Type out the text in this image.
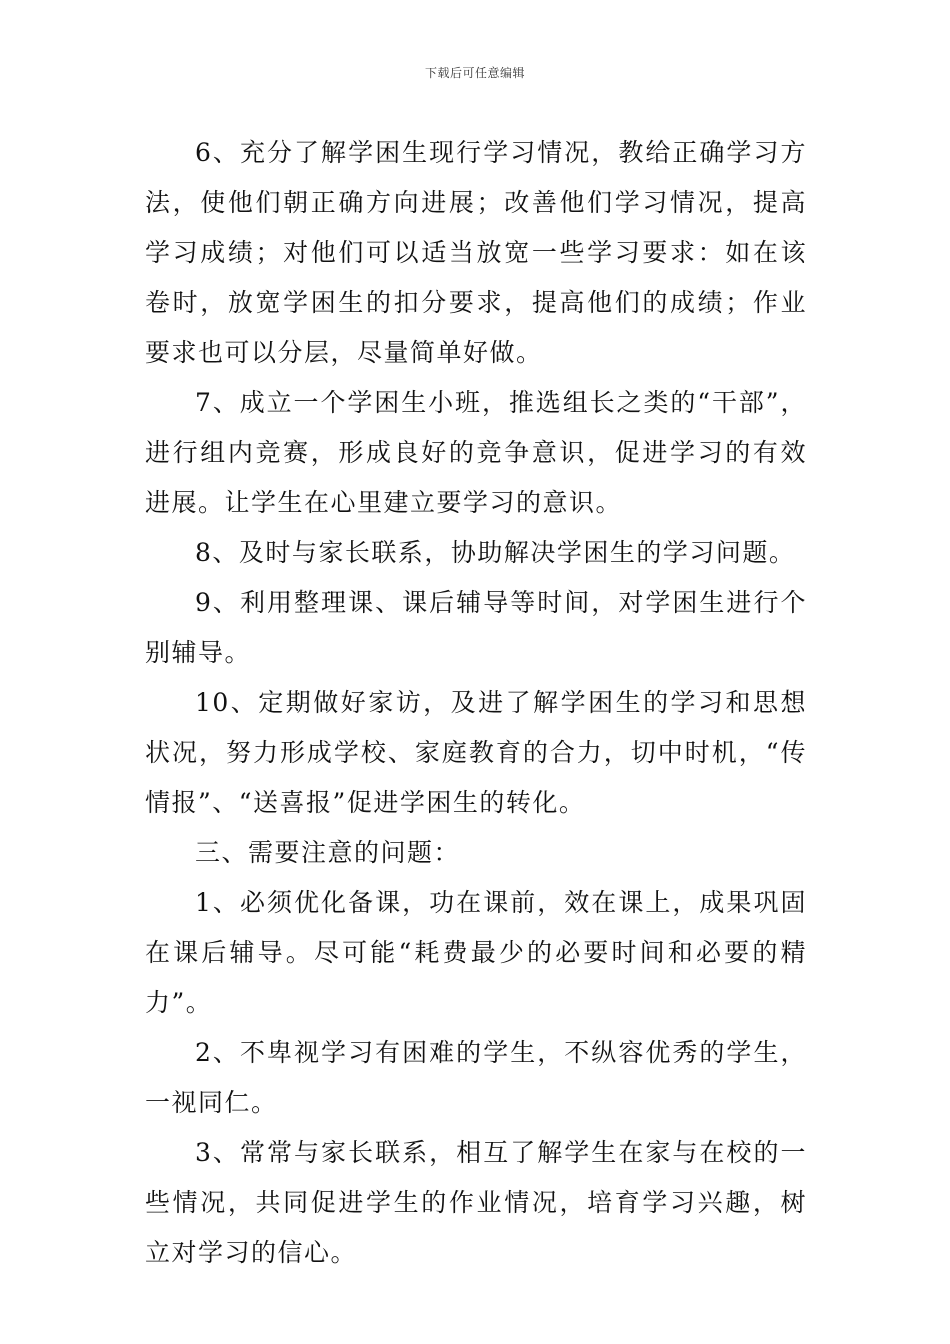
下载后可任意编辑

6、充分了解学困生现行学习情况，教给正确学习方法，使他们朝正确方向进展；改善他们学习情况，提高学习成绩；对他们可以适当放宽一些学习要求：如在该卷时，放宽学困生的扣分要求，提高他们的成绩；作业要求也可以分层，尽量简单好做。

7、成立一个学困生小班，推选组长之类的“干部”，进行组内竞赛，形成良好的竞争意识，促进学习的有效进展。让学生在心里建立要学习的意识。

8、及时与家长联系，协助解决学困生的学习问题。

9、利用整理课、课后辅导等时间，对学困生进行个别辅导。

10、定期做好家访，及进了解学困生的学习和思想状况，努力形成学校、家庭教育的合力，切中时机，“传情报”、“送喜报”促进学困生的转化。

三、需要注意的问题：

1、必须优化备课，功在课前，效在课上，成果巩固在课后辅导。尽可能“耗费最少的必要时间和必要的精力”。

2、不卑视学习有困难的学生，不纵容优秀的学生，一视同仁。

3、常常与家长联系，相互了解学生在家与在校的一些情况，共同促进学生的作业情况，培育学习兴趣，树立对学习的信心。
